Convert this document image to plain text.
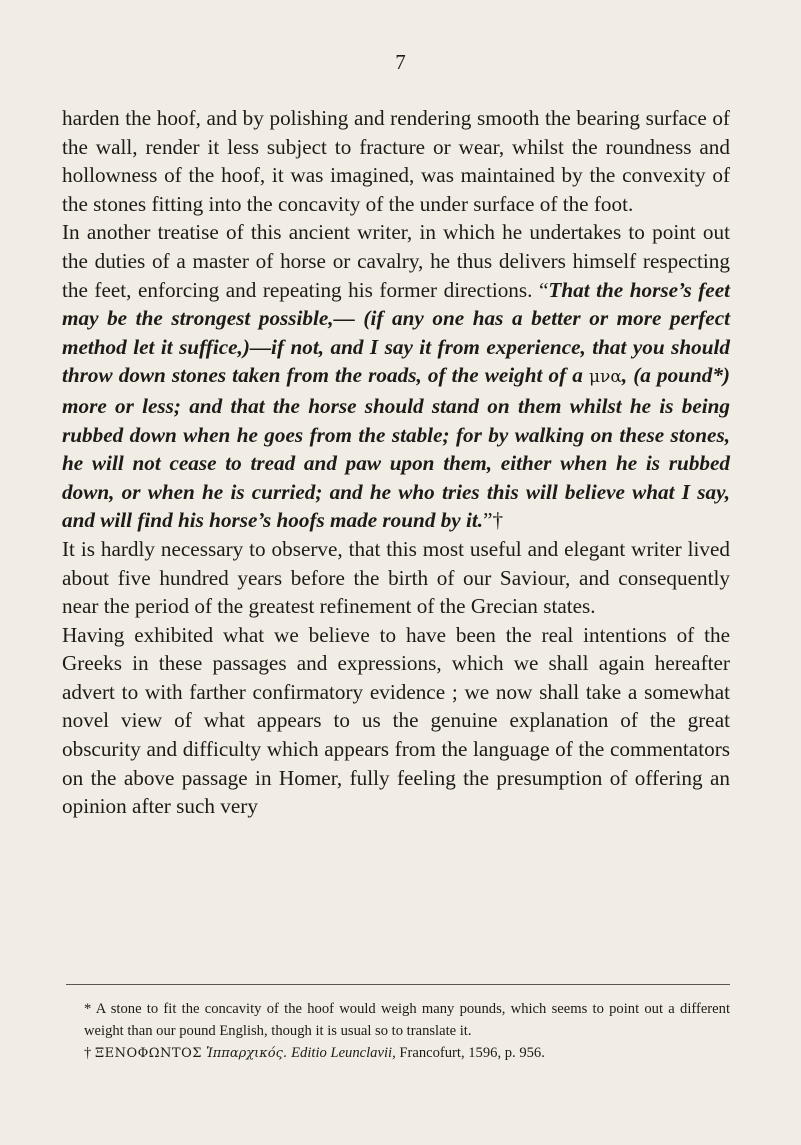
7

harden the hoof, and by polishing and rendering smooth the bearing surface of the wall, render it less subject to fracture or wear, whilst the roundness and hollowness of the hoof, it was imagined, was maintained by the convexity of the stones fitting into the concavity of the under surface of the foot.

In another treatise of this ancient writer, in which he undertakes to point out the duties of a master of horse or cavalry, he thus delivers himself respecting the feet, enforcing and repeating his former directions. “That the horse’s feet may be the strongest possible,— (if any one has a better or more perfect method let it suffice,)—if not, and I say it from experience, that you should throw down stones taken from the roads, of the weight of a μνα, (a pound*) more or less; and that the horse should stand on them whilst he is being rubbed down when he goes from the stable; for by walking on these stones, he will not cease to tread and paw upon them, either when he is rubbed down, or when he is curried; and he who tries this will believe what I say, and will find his horse’s hoofs made round by it.”†

It is hardly necessary to observe, that this most useful and elegant writer lived about five hundred years before the birth of our Saviour, and consequently near the period of the greatest refinement of the Grecian states.

Having exhibited what we believe to have been the real intentions of the Greeks in these passages and expressions, which we shall again hereafter advert to with farther confirmatory evidence ; we now shall take a somewhat novel view of what appears to us the genuine explanation of the great obscurity and difficulty which appears from the language of the commentators on the above passage in Homer, fully feeling the presumption of offering an opinion after such very

* A stone to fit the concavity of the hoof would weigh many pounds, which seems to point out a different weight than our pound English, though it is usual so to translate it.

† ΞΕΝΟΦΩΝΤΟΣ Ἱππαρχικός. Editio Leunclavii, Francofurt, 1596, p. 956.
